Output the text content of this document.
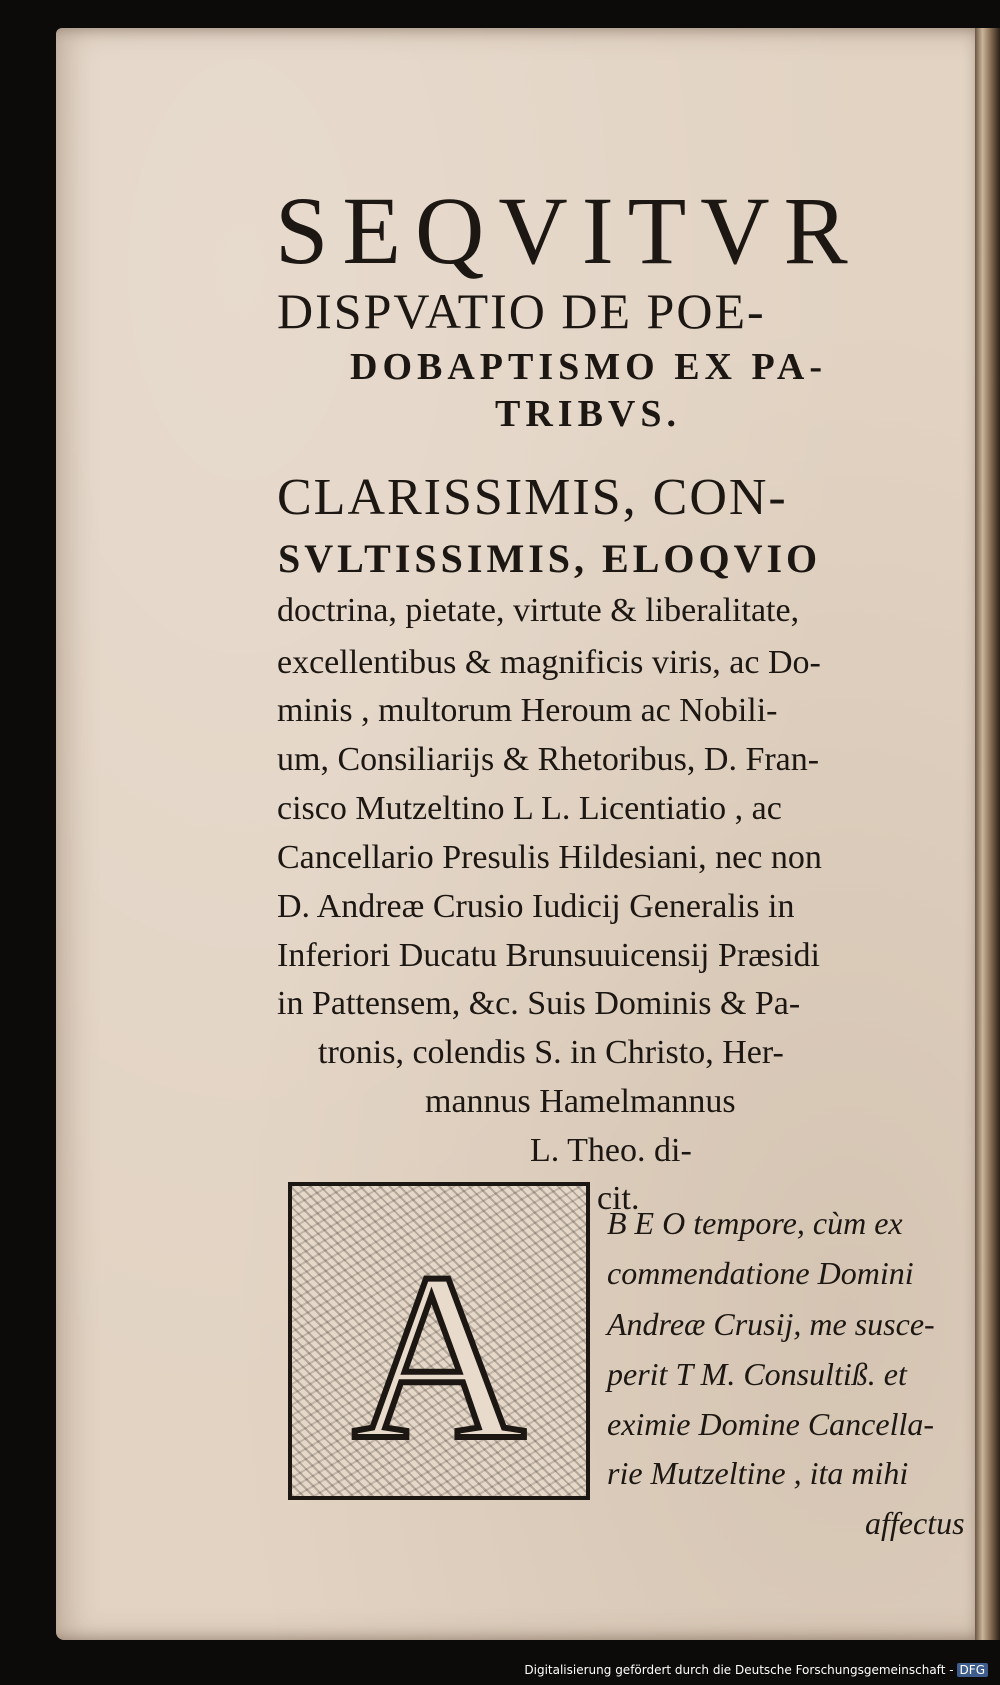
SEQVITVR
DISPVATIO DE POE-
DOBAPTISMO EX PA-
TRIBVS.
CLARISSIMIS, CON-
SVLTISSIMIS, ELOQVIO
doctrina, pietate, virtute & liberalitate,
excellentibus & magnificis viris, ac Do-
minis , multorum Heroum ac Nobili-
um, Consiliarijs & Rhetoribus, D. Fran-
cisco Mutzeltino L L. Licentiatio , ac
Cancellario Presulis Hildesiani, nec non
D. Andreæ Crusio Iudicij Generalis in
Inferiori Ducatu Brunsuuicensij Præsidi
in Pattensem, &c. Suis Dominis & Pa-
tronis, colendis S. in Christo, Her-
mannus Hamelmannus
L. Theo. di-
cit.
A	B E O tempore, cùm ex
commendatione Domini
Andreæ Crusij, me susce-
perit T M. Consultiß. et
eximie Domine Cancella-
rie Mutzeltine , ita mihi
affectus
Digitalisierung gefördert durch die Deutsche Forschungsgemeinschaft - DFG
